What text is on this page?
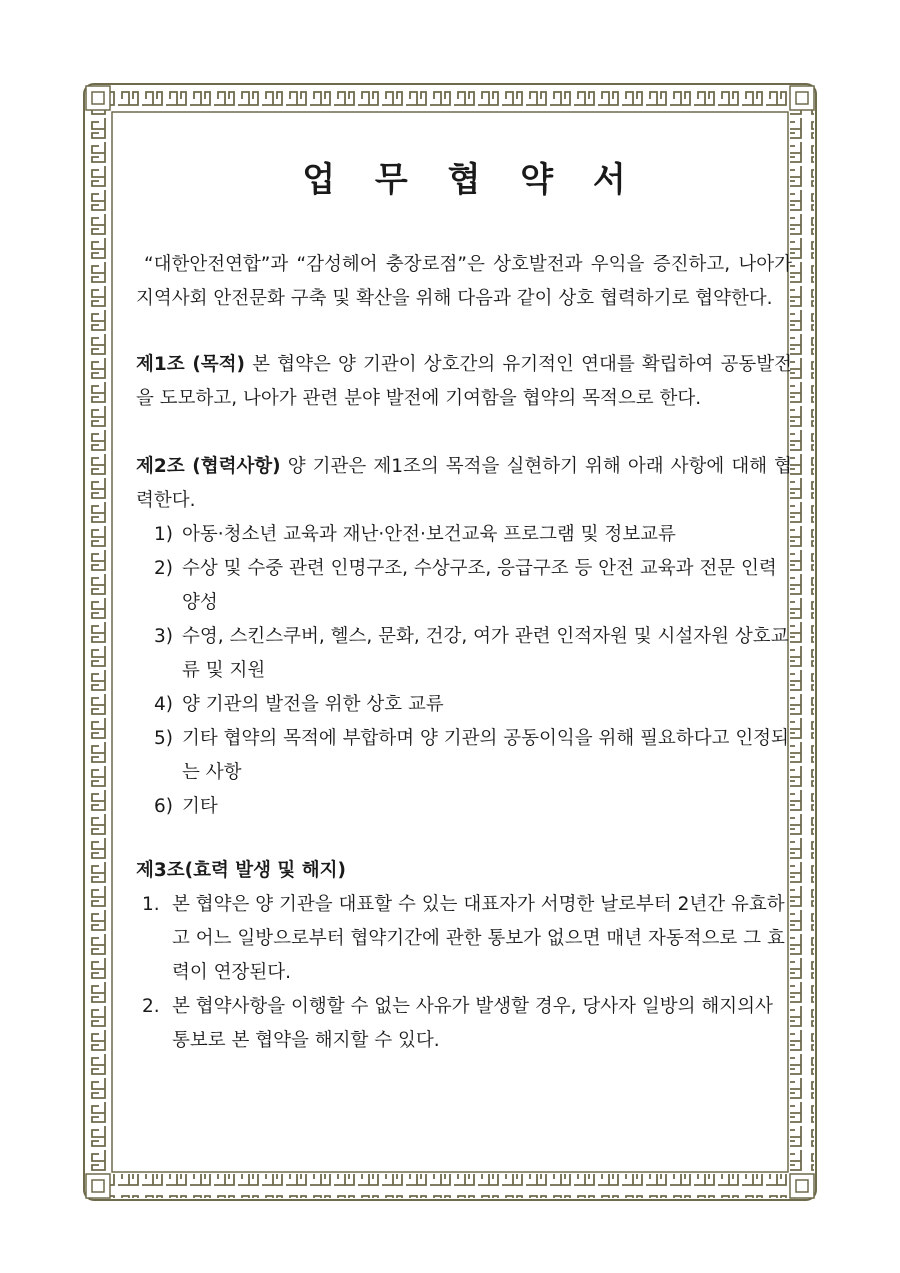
업 무 협 약 서

“대한안전연합”과 “감성헤어 충장로점”은 상호발전과 우익을 증진하고, 나아가 지역사회 안전문화 구축 및 확산을 위해 다음과 같이 상호 협력하기로 협약한다.

제1조 (목적) 본 협약은 양 기관이 상호간의 유기적인 연대를 확립하여 공동발전을 도모하고, 나아가 관련 분야 발전에 기여함을 협약의 목적으로 한다.

제2조 (협력사항) 양 기관은 제1조의 목적을 실현하기 위해 아래 사항에 대해 협력한다.

1) 아동·청소년 교육과 재난·안전·보건교육 프로그램 및 정보교류
2) 수상 및 수중 관련 인명구조, 수상구조, 응급구조 등 안전 교육과 전문 인력 양성
3) 수영, 스킨스쿠버, 헬스, 문화, 건강, 여가 관련 인적자원 및 시설자원 상호교류 및 지원
4) 양 기관의 발전을 위한 상호 교류
5) 기타 협약의 목적에 부합하며 양 기관의 공동이익을 위해 필요하다고 인정되는 사항
6) 기타

제3조(효력 발생 및 해지)

1. 본 협약은 양 기관을 대표할 수 있는 대표자가 서명한 날로부터 2년간 유효하고 어느 일방으로부터 협약기간에 관한 통보가 없으면 매년 자동적으로 그 효력이 연장된다.
2. 본 협약사항을 이행할 수 없는 사유가 발생할 경우, 당사자 일방의 해지의사 통보로 본 협약을 해지할 수 있다.
